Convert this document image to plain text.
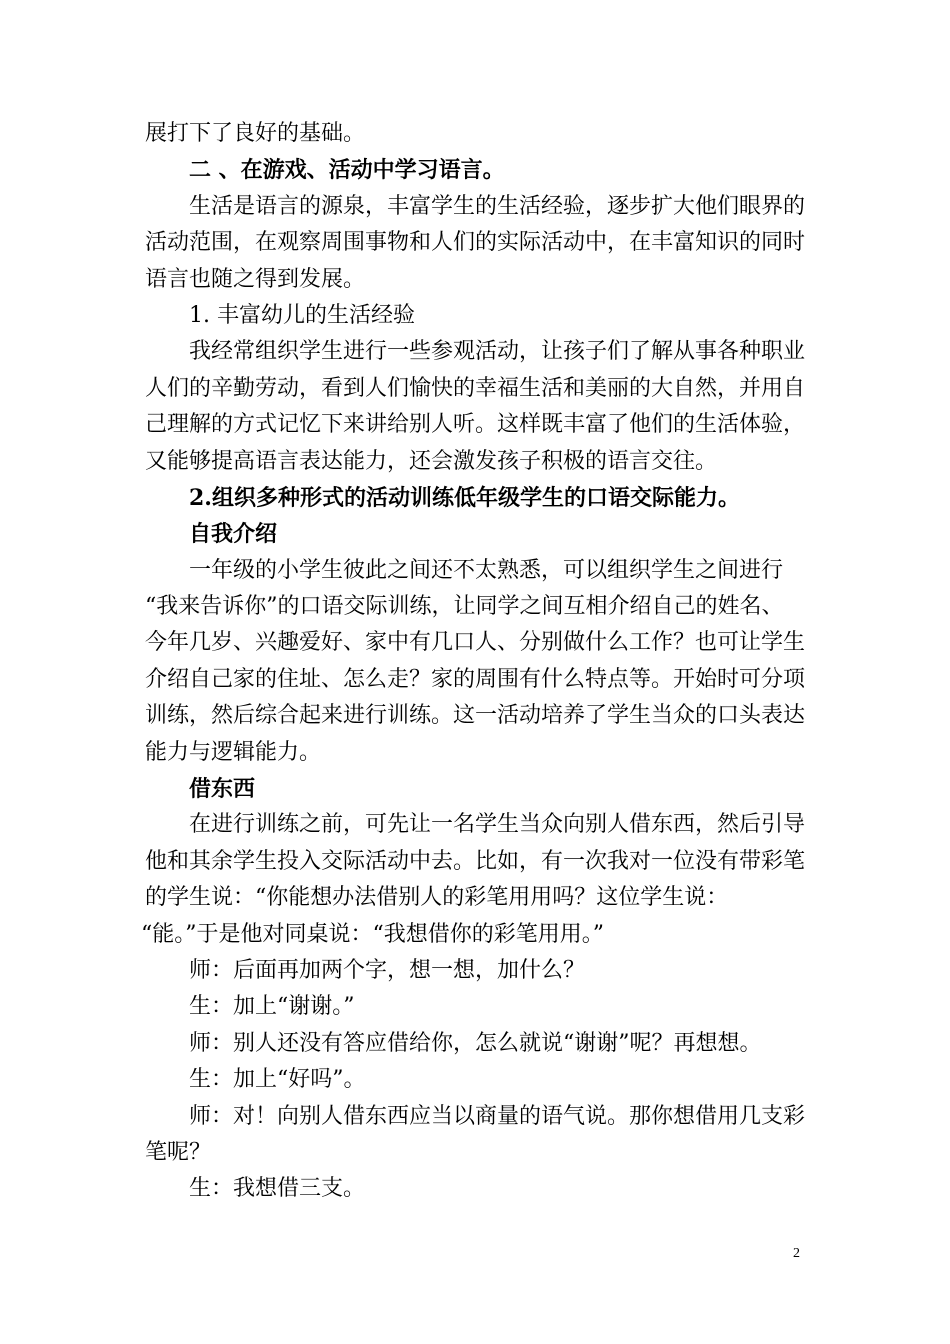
展打下了良好的基础。
二 、在游戏、活动中学习语言。
生活是语言的源泉，丰富学生的生活经验，逐步扩大他们眼界的
活动范围，在观察周围事物和人们的实际活动中，在丰富知识的同时
语言也随之得到发展。
1. 丰富幼儿的生活经验
我经常组织学生进行一些参观活动，让孩子们了解从事各种职业
人们的辛勤劳动，看到人们愉快的幸福生活和美丽的大自然，并用自
己理解的方式记忆下来讲给别人听。这样既丰富了他们的生活体验，
又能够提高语言表达能力，还会激发孩子积极的语言交往。
2.组织多种形式的活动训练低年级学生的口语交际能力。
自我介绍
一年级的小学生彼此之间还不太熟悉，可以组织学生之间进行
“我来告诉你”的口语交际训练，让同学之间互相介绍自己的姓名、
今年几岁、兴趣爱好、家中有几口人、分别做什么工作？也可让学生
介绍自己家的住址、怎么走？家的周围有什么特点等。开始时可分项
训练，然后综合起来进行训练。这一活动培养了学生当众的口头表达
能力与逻辑能力。
借东西
在进行训练之前，可先让一名学生当众向别人借东西，然后引导
他和其余学生投入交际活动中去。比如，有一次我对一位没有带彩笔
的学生说：“你能想办法借别人的彩笔用用吗？这位学生说：
“能。”于是他对同桌说：“我想借你的彩笔用用。”
师：后面再加两个字，想一想，加什么？
生：加上“谢谢。”
师：别人还没有答应借给你，怎么就说“谢谢”呢？再想想。
生：加上“好吗”。
师：对！向别人借东西应当以商量的语气说。那你想借用几支彩
笔呢？
生：我想借三支。
2
